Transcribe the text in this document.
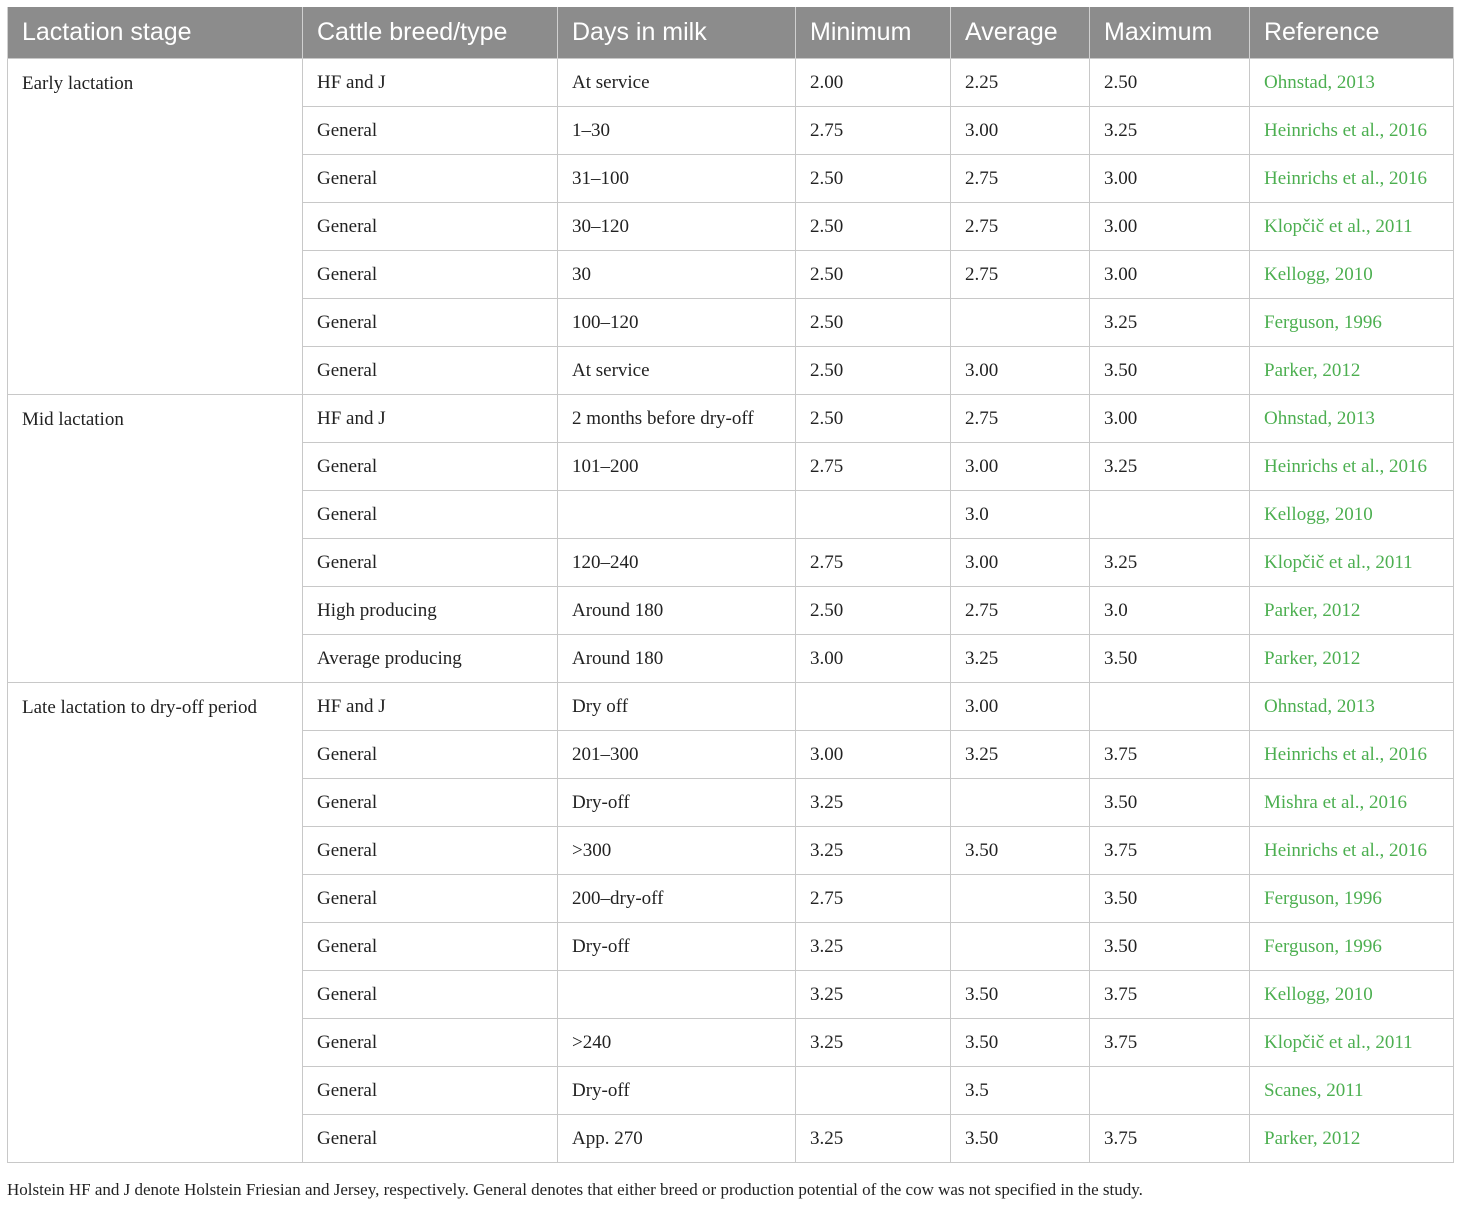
Lactation stage	Cattle breed/type	Days in milk	Minimum	Average	Maximum	Reference
Early lactation	HF and J	At service	2.00	2.25	2.50	Ohnstad, 2013
	General	1–30	2.75	3.00	3.25	Heinrichs et al., 2016
	General	31–100	2.50	2.75	3.00	Heinrichs et al., 2016
	General	30–120	2.50	2.75	3.00	Klopčič et al., 2011
	General	30	2.50	2.75	3.00	Kellogg, 2010
	General	100–120	2.50		3.25	Ferguson, 1996
	General	At service	2.50	3.00	3.50	Parker, 2012
Mid lactation	HF and J	2 months before dry-off	2.50	2.75	3.00	Ohnstad, 2013
	General	101–200	2.75	3.00	3.25	Heinrichs et al., 2016
	General			3.0		Kellogg, 2010
	General	120–240	2.75	3.00	3.25	Klopčič et al., 2011
	High producing	Around 180	2.50	2.75	3.0	Parker, 2012
	Average producing	Around 180	3.00	3.25	3.50	Parker, 2012
Late lactation to dry-off period	HF and J	Dry off		3.00		Ohnstad, 2013
	General	201–300	3.00	3.25	3.75	Heinrichs et al., 2016
	General	Dry-off	3.25		3.50	Mishra et al., 2016
	General	>300	3.25	3.50	3.75	Heinrichs et al., 2016
	General	200–dry-off	2.75		3.50	Ferguson, 1996
	General	Dry-off	3.25		3.50	Ferguson, 1996
	General		3.25	3.50	3.75	Kellogg, 2010
	General	>240	3.25	3.50	3.75	Klopčič et al., 2011
	General	Dry-off		3.5		Scanes, 2011
	General	App. 270	3.25	3.50	3.75	Parker, 2012
Holstein HF and J denote Holstein Friesian and Jersey, respectively. General denotes that either breed or production potential of the cow was not specified in the study.
